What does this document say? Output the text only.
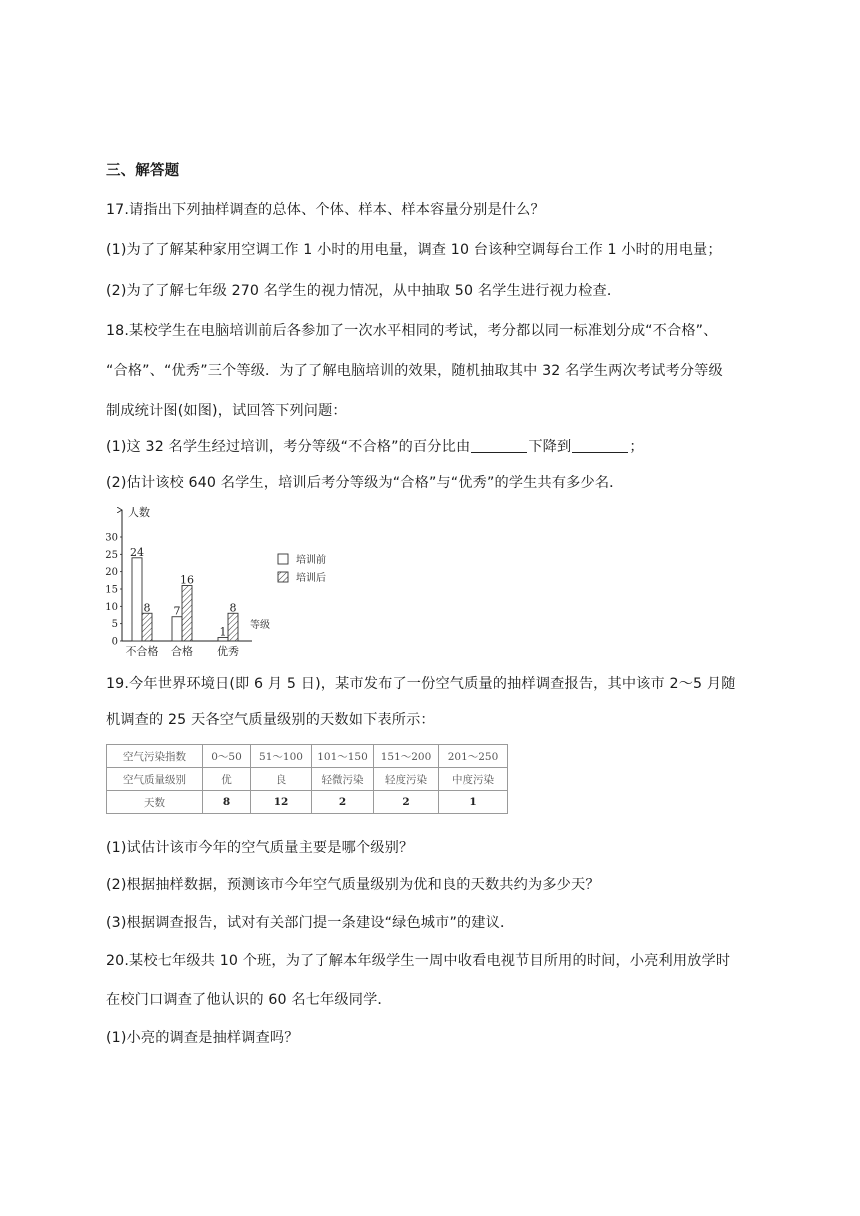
三、解答题
17.请指出下列抽样调查的总体、个体、样本、样本容量分别是什么？
(1)为了了解某种家用空调工作 1 小时的用电量，调查 10 台该种空调每台工作 1 小时的用电量；
(2)为了了解七年级 270 名学生的视力情况，从中抽取 50 名学生进行视力检查．
18.某校学生在电脑培训前后各参加了一次水平相同的考试，考分都以同一标准划分成“不合格”、
“合格”、“优秀”三个等级．为了了解电脑培训的效果，随机抽取其中 32 名学生两次考试考分等级
制成统计图(如图)，试回答下列问题：
(1)这 32 名学生经过培训，考分等级“不合格”的百分比由	下降到	；
(2)估计该校 640 名学生，培训后考分等级为“合格”与“优秀”的学生共有多少名．
人数
等级
0
5
10
15
20
25
30
24
8
不合格
7
16
合格
1
8
优秀
培训前
培训后
19.今年世界环境日(即 6 月 5 日)，某市发布了一份空气质量的抽样调查报告，其中该市 2～5 月随
机调查的 25 天各空气质量级别的天数如下表所示：
空气污染指数	0～50	51～100	101～150	151～200	201～250
空气质量级别	优	良	轻微污染	轻度污染	中度污染
天数	8	12	2	2	1
(1)试估计该市今年的空气质量主要是哪个级别？
(2)根据抽样数据，预测该市今年空气质量级别为优和良的天数共约为多少天？
(3)根据调查报告，试对有关部门提一条建设“绿色城市”的建议．
20.某校七年级共 10 个班，为了了解本年级学生一周中收看电视节目所用的时间，小亮利用放学时
在校门口调查了他认识的 60 名七年级同学．
(1)小亮的调查是抽样调查吗？
